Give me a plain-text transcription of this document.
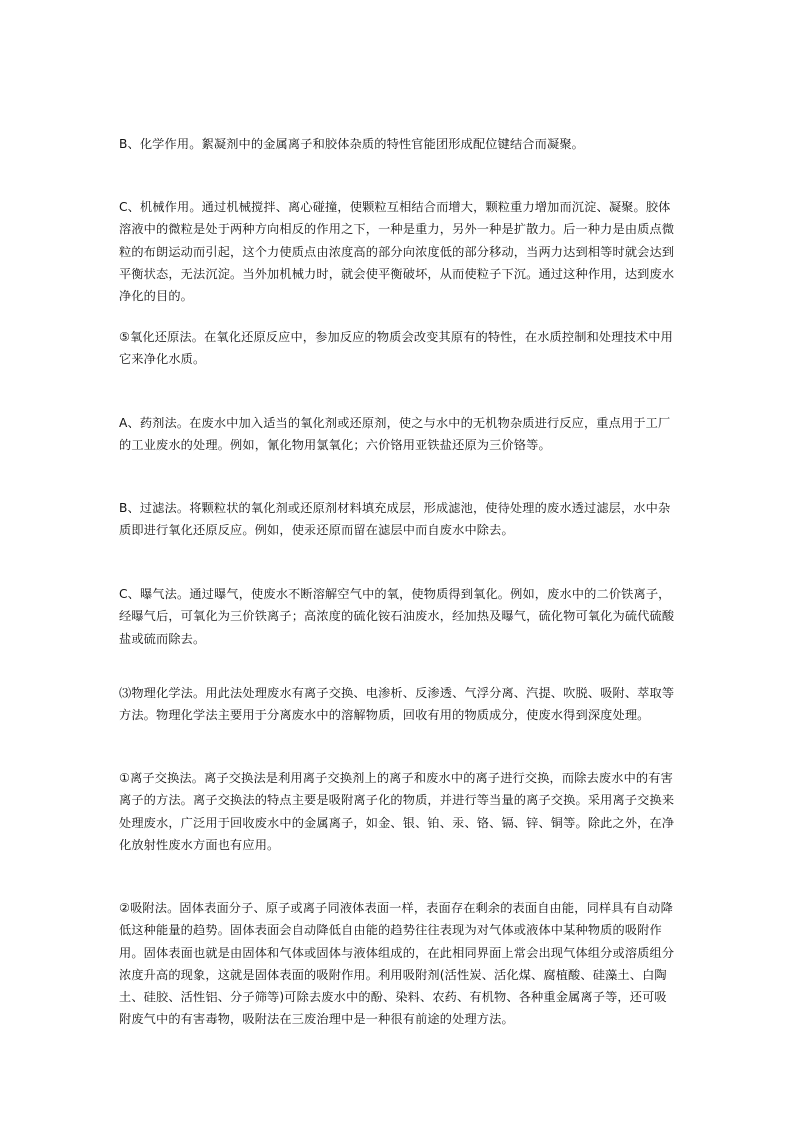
B、化学作用。絮凝剂中的金属离子和胶体杂质的特性官能团形成配位键结合而凝聚。

C、机械作用。通过机械搅拌、离心碰撞，使颗粒互相结合而增大，颗粒重力增加而沉淀、凝聚。胶体溶液中的微粒是处于两种方向相反的作用之下，一种是重力，另外一种是扩散力。后一种力是由质点微粒的布朗运动而引起，这个力使质点由浓度高的部分向浓度低的部分移动，当两力达到相等时就会达到平衡状态，无法沉淀。当外加机械力时，就会使平衡破坏，从而使粒子下沉。通过这种作用，达到废水净化的目的。

⑤氧化还原法。在氧化还原反应中，参加反应的物质会改变其原有的特性，在水质控制和处理技术中用它来净化水质。

A、药剂法。在废水中加入适当的氧化剂或还原剂，使之与水中的无机物杂质进行反应，重点用于工厂的工业废水的处理。例如，氰化物用氯氧化；六价铬用亚铁盐还原为三价铬等。

B、过滤法。将颗粒状的氧化剂或还原剂材料填充成层，形成滤池，使待处理的废水透过滤层，水中杂质即进行氧化还原反应。例如，使汞还原而留在滤层中而自废水中除去。

C、曝气法。通过曝气，使废水不断溶解空气中的氧，使物质得到氧化。例如，废水中的二价铁离子，经曝气后，可氧化为三价铁离子；高浓度的硫化铵石油废水，经加热及曝气，硫化物可氧化为硫代硫酸盐或硫而除去。

⑶物理化学法。用此法处理废水有离子交换、电渗析、反渗透、气浮分离、汽提、吹脱、吸附、萃取等方法。物理化学法主要用于分离废水中的溶解物质，回收有用的物质成分，使废水得到深度处理。

①离子交换法。离子交换法是利用离子交换剂上的离子和废水中的离子进行交换，而除去废水中的有害离子的方法。离子交换法的特点主要是吸附离子化的物质，并进行等当量的离子交换。采用离子交换来处理废水，广泛用于回收废水中的金属离子，如金、银、铂、汞、铬、镉、锌、铜等。除此之外，在净化放射性废水方面也有应用。

②吸附法。固体表面分子、原子或离子同液体表面一样，表面存在剩余的表面自由能，同样具有自动降低这种能量的趋势。固体表面会自动降低自由能的趋势往往表现为对气体或液体中某种物质的吸附作用。固体表面也就是由固体和气体或固体与液体组成的，在此相同界面上常会出现气体组分或溶质组分浓度升高的现象，这就是固体表面的吸附作用。利用吸附剂(活性炭、活化煤、腐植酸、硅藻土、白陶土、硅胶、活性铝、分子筛等)可除去废水中的酚、染料、农药、有机物、各种重金属离子等，还可吸附废气中的有害毒物，吸附法在三废治理中是一种很有前途的处理方法。
